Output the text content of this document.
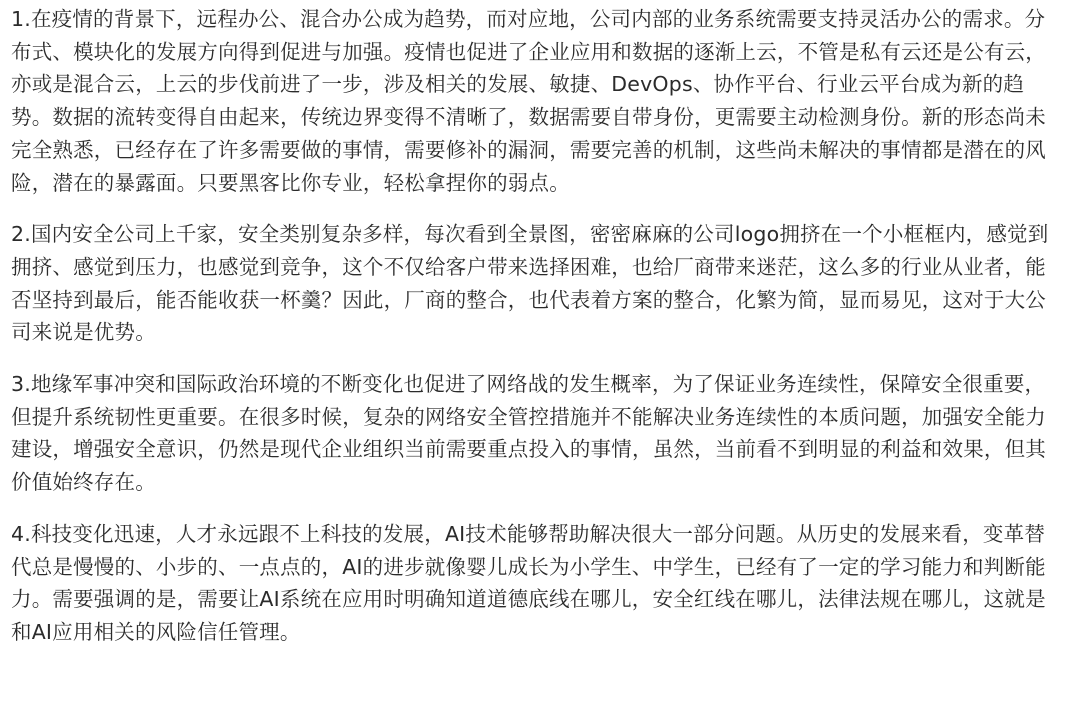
1.在疫情的背景下，远程办公、混合办公成为趋势，而对应地，公司内部的业务系统需要支持灵活办公的需求。分布式、模块化的发展方向得到促进与加强。疫情也促进了企业应用和数据的逐渐上云，不管是私有云还是公有云，亦或是混合云，上云的步伐前进了一步，涉及相关的发展、敏捷、DevOps、协作平台、行业云平台成为新的趋势。数据的流转变得自由起来，传统边界变得不清晰了，数据需要自带身份，更需要主动检测身份。新的形态尚未完全熟悉，已经存在了许多需要做的事情，需要修补的漏洞，需要完善的机制，这些尚未解决的事情都是潜在的风险，潜在的暴露面。只要黑客比你专业，轻松拿捏你的弱点。

2.国内安全公司上千家，安全类别复杂多样，每次看到全景图，密密麻麻的公司logo拥挤在一个小框框内，感觉到拥挤、感觉到压力，也感觉到竞争，这个不仅给客户带来选择困难，也给厂商带来迷茫，这么多的行业从业者，能否坚持到最后，能否能收获一杯羹？因此，厂商的整合，也代表着方案的整合，化繁为简，显而易见，这对于大公司来说是优势。

3.地缘军事冲突和国际政治环境的不断变化也促进了网络战的发生概率，为了保证业务连续性，保障安全很重要，但提升系统韧性更重要。在很多时候，复杂的网络安全管控措施并不能解决业务连续性的本质问题，加强安全能力建设，增强安全意识，仍然是现代企业组织当前需要重点投入的事情，虽然，当前看不到明显的利益和效果，但其价值始终存在。

4.科技变化迅速，人才永远跟不上科技的发展，AI技术能够帮助解决很大一部分问题。从历史的发展来看，变革替代总是慢慢的、小步的、一点点的，AI的进步就像婴儿成长为小学生、中学生，已经有了一定的学习能力和判断能力。需要强调的是，需要让AI系统在应用时明确知道道德底线在哪儿，安全红线在哪儿，法律法规在哪儿，这就是和AI应用相关的风险信任管理。
